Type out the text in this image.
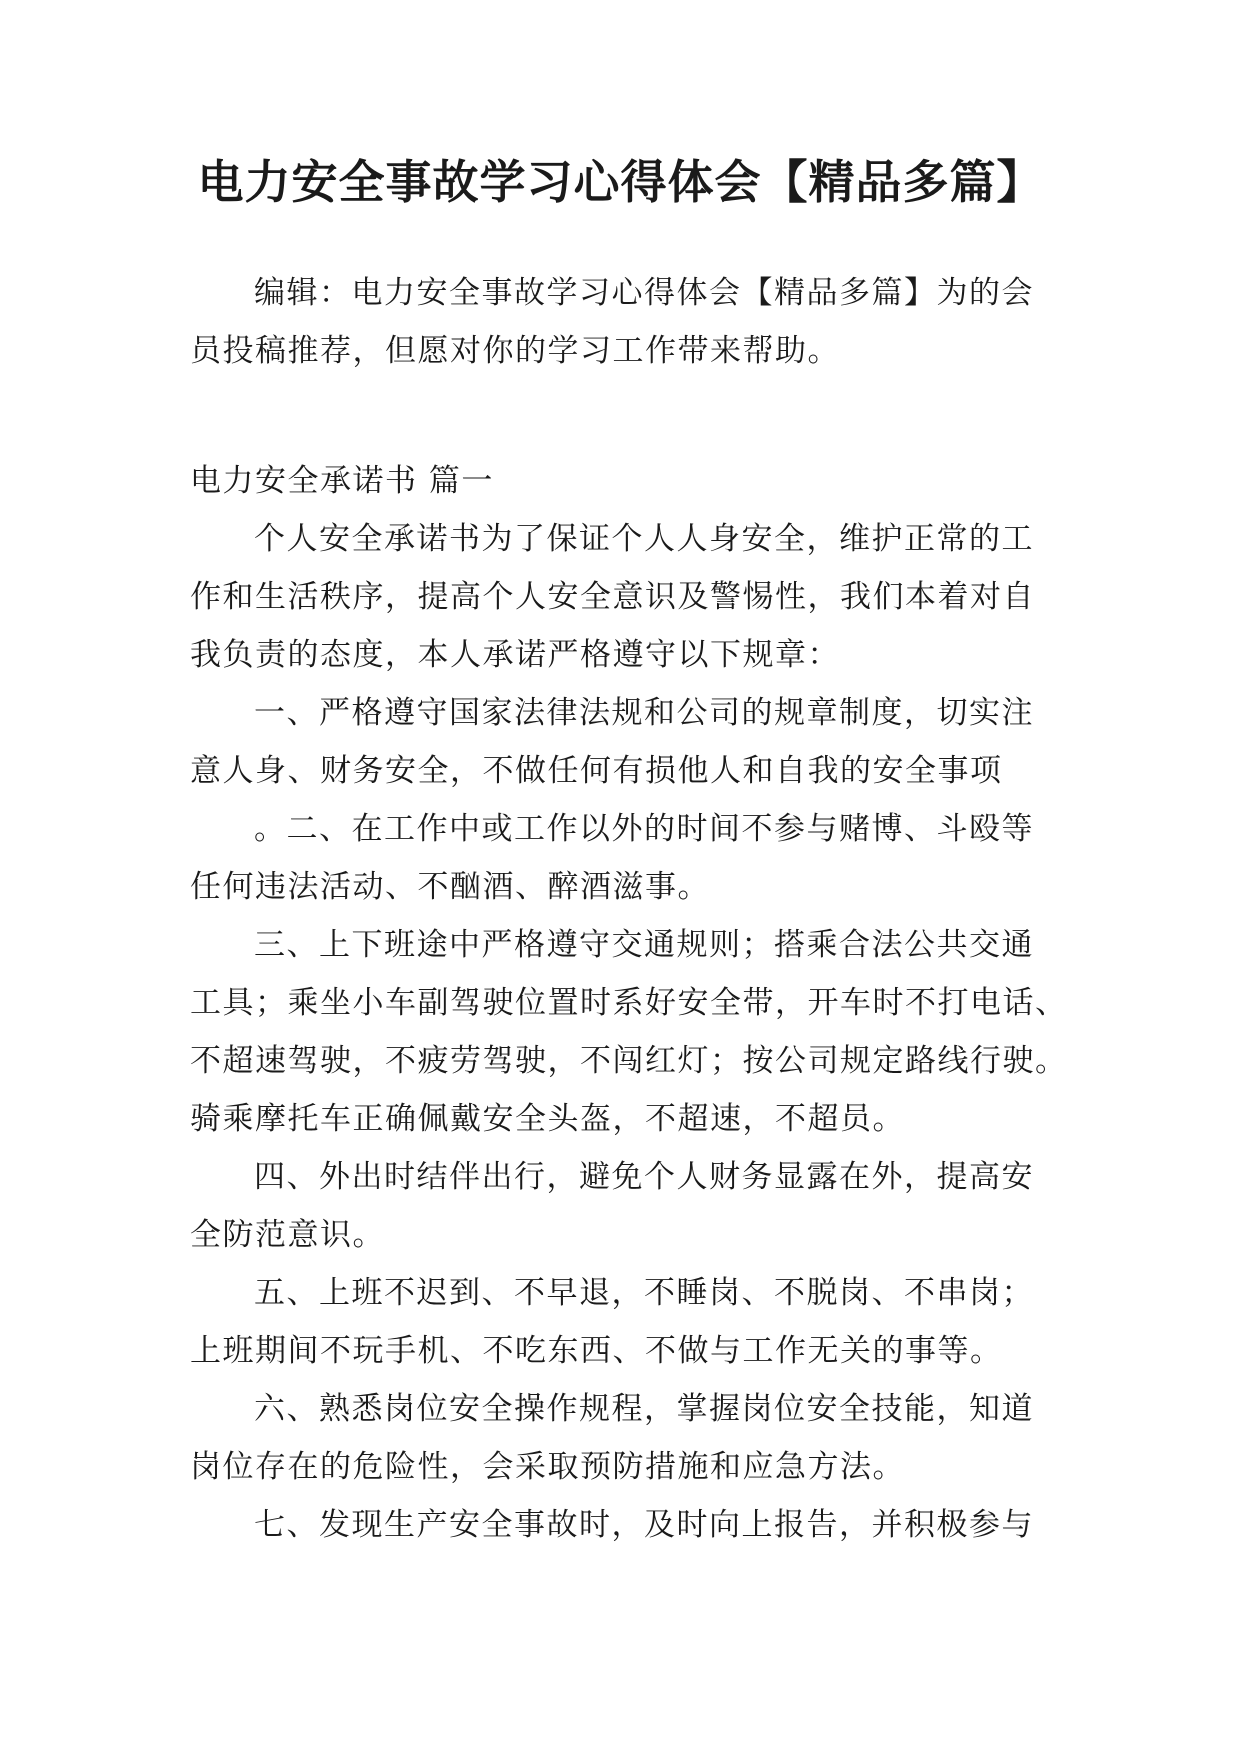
电力安全事故学习心得体会【精品多篇】
编辑：电力安全事故学习心得体会【精品多篇】为的会
员投稿推荐，但愿对你的学习工作带来帮助。
电力安全承诺书 篇一
个人安全承诺书为了保证个人人身安全，维护正常的工
作和生活秩序，提高个人安全意识及警惕性，我们本着对自
我负责的态度，本人承诺严格遵守以下规章：
一、严格遵守国家法律法规和公司的规章制度，切实注
意人身、财务安全，不做任何有损他人和自我的安全事项
。二、在工作中或工作以外的时间不参与赌博、斗殴等
任何违法活动、不酗酒、醉酒滋事。
三、上下班途中严格遵守交通规则；搭乘合法公共交通
工具；乘坐小车副驾驶位置时系好安全带，开车时不打电话、
不超速驾驶，不疲劳驾驶，不闯红灯；按公司规定路线行驶。
骑乘摩托车正确佩戴安全头盔，不超速，不超员。
四、外出时结伴出行，避免个人财务显露在外，提高安
全防范意识。
五、上班不迟到、不早退，不睡岗、不脱岗、不串岗；
上班期间不玩手机、不吃东西、不做与工作无关的事等。
六、熟悉岗位安全操作规程，掌握岗位安全技能，知道
岗位存在的危险性，会采取预防措施和应急方法。
七、发现生产安全事故时，及时向上报告，并积极参与
